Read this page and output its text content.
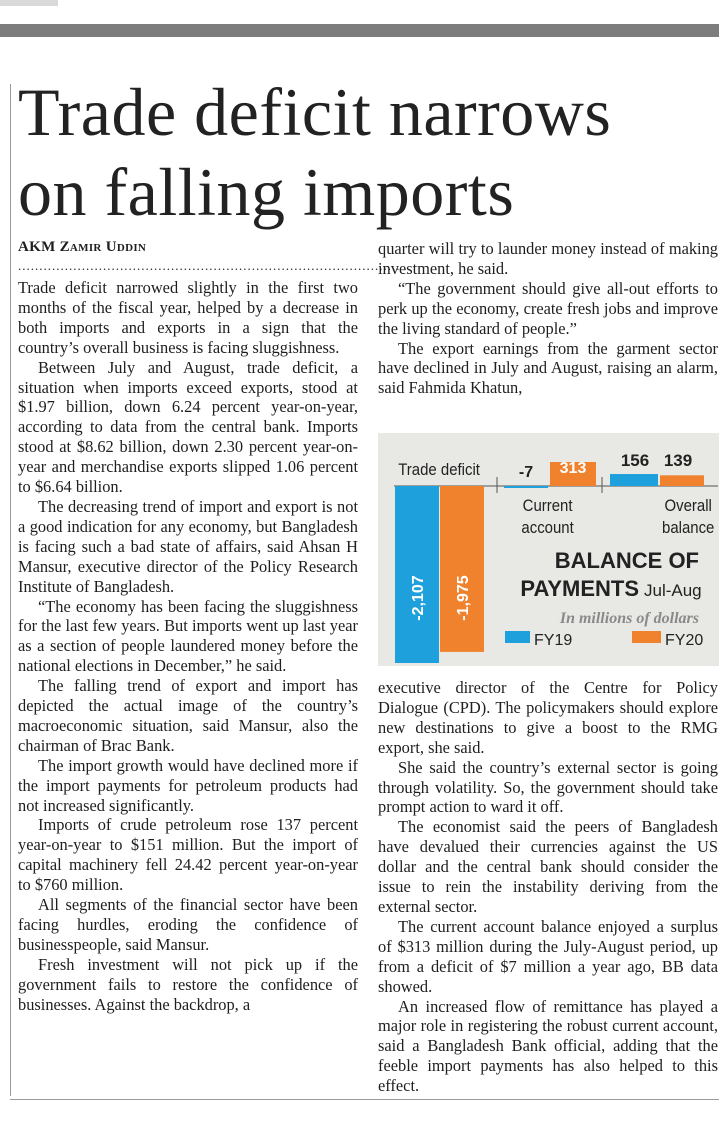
Trade deficit narrows
on falling imports
AKM Zamir Uddin
..........................................................................................

Trade deficit narrowed slightly in the first two months of the fiscal year, helped by a decrease in both imports and exports in a sign that the country’s overall business is facing sluggishness.

Between July and August, trade deficit, a situation when imports exceed exports, stood at $1.97 billion, down 6.24 percent year-on-year, according to data from the central bank. Imports stood at $8.62 billion, down 2.30 percent year-on-year and merchandise exports slipped 1.06 percent to $6.64 billion.

The decreasing trend of import and export is not a good indication for any economy, but Bangladesh is facing such a bad state of affairs, said Ahsan H Mansur, executive director of the Policy Research Institute of Bangladesh.

“The economy has been facing the sluggishness for the last few years. But imports went up last year as a section of people laundered money before the national elections in December,” he said.

The falling trend of export and import has depicted the actual image of the country’s macroeconomic situation, said Mansur, also the chairman of Brac Bank.

The import growth would have declined more if the import payments for petroleum products had not increased significantly.

Imports of crude petroleum rose 137 percent year-on-year to $151 million. But the import of capital machinery fell 24.42 percent year-on-year to $760 million.

All segments of the financial sector have been facing hurdles, eroding the confidence of businesspeople, said Mansur.

Fresh investment will not pick up if the government fails to restore the confidence of businesses. Against the backdrop, a

quarter will try to launder money instead of making investment, he said.

“The government should give all-out efforts to perk up the economy, create fresh jobs and improve the living standard of people.”

The export earnings from the garment sector have declined in July and August, raising an alarm, said Fahmida Khatun,

Trade deficit
Current
account
Overall
balance
BALANCE OF
PAYMENTS Jul-Aug
In millions of dollars
FY19	FY20
-2,107 -1,975
-7 313 156 139

executive director of the Centre for Policy Dialogue (CPD). The policymakers should explore new destinations to give a boost to the RMG export, she said.

She said the country’s external sector is going through volatility. So, the government should take prompt action to ward it off.

The economist said the peers of Bangladesh have devalued their currencies against the US dollar and the central bank should consider the issue to rein the instability deriving from the external sector.

The current account balance enjoyed a surplus of $313 million during the July-August period, up from a deficit of $7 million a year ago, BB data showed.

An increased flow of remittance has played a major role in registering the robust current account, said a Bangladesh Bank official, adding that the feeble import payments has also helped to this effect.
